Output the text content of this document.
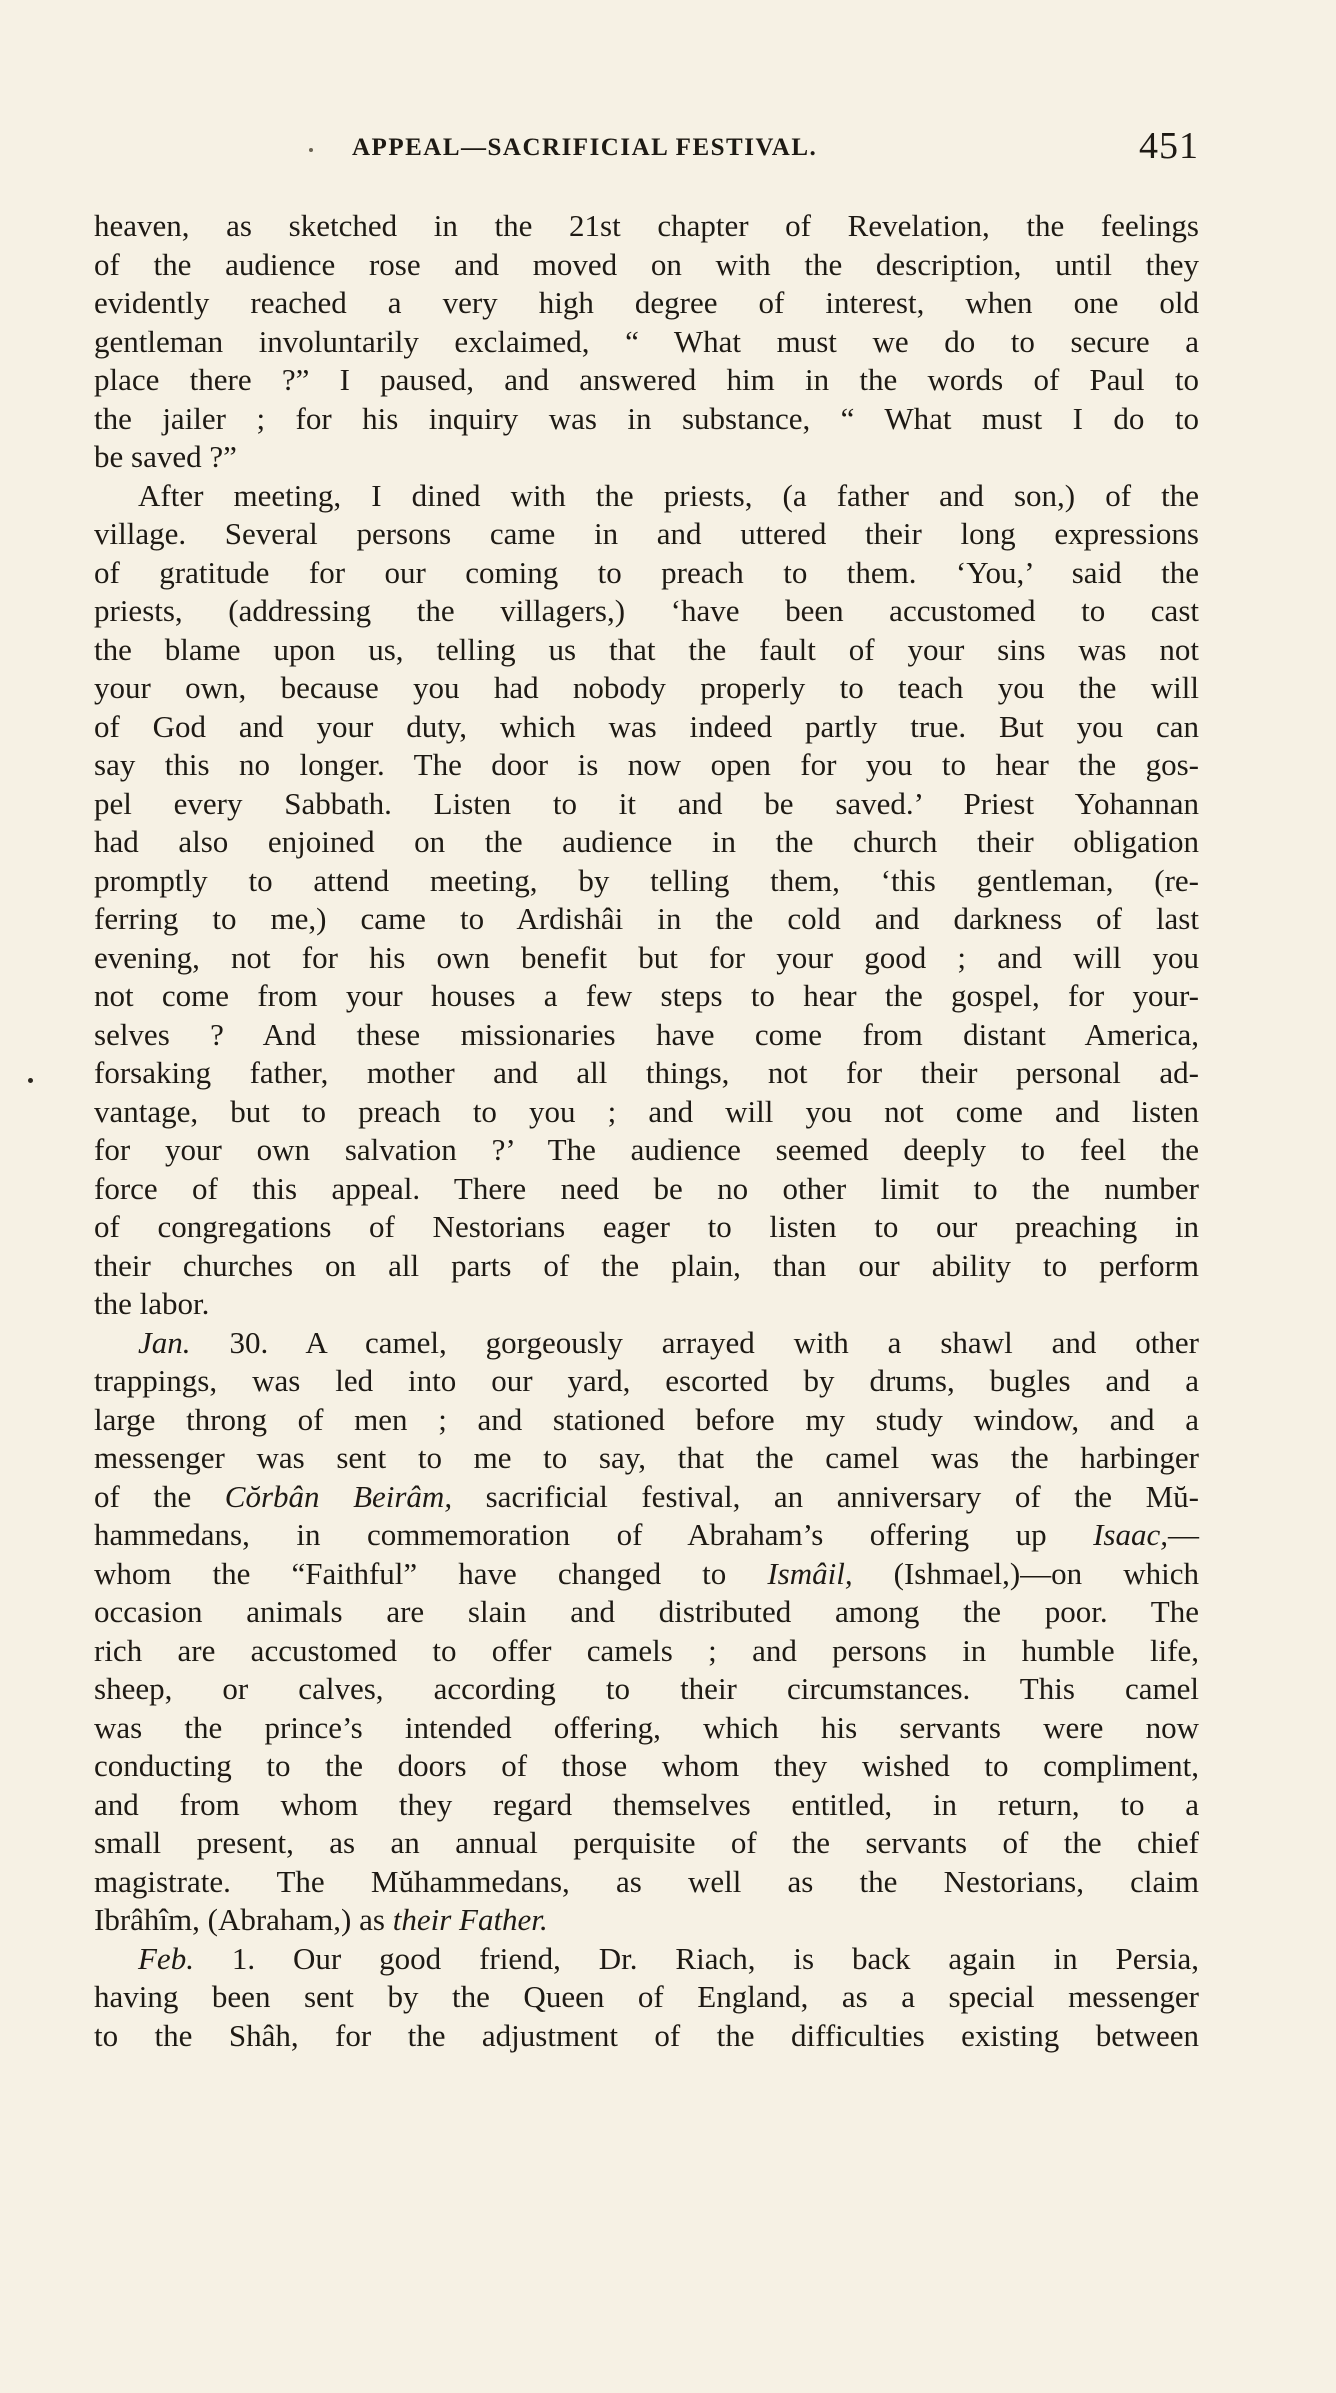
APPEAL—SACRIFICIAL FESTIVAL.	451
heaven, as sketched in the 21st chapter of Revelation, the feelings
of the audience rose and moved on with the description, until they
evidently reached a very high degree of interest, when one old
gentleman involuntarily exclaimed, “ What must we do to secure a
place there ?” I paused, and answered him in the words of Paul to
the jailer ; for his inquiry was in substance, “ What must I do to
be saved ?”
After meeting, I dined with the priests, (a father and son,) of the
village. Several persons came in and uttered their long expressions
of gratitude for our coming to preach to them. ‘You,’ said the
priests, (addressing the villagers,) ‘have been accustomed to cast
the blame upon us, telling us that the fault of your sins was not
your own, because you had nobody properly to teach you the will
of God and your duty, which was indeed partly true. But you can
say this no longer. The door is now open for you to hear the gos-
pel every Sabbath. Listen to it and be saved.’ Priest Yohannan
had also enjoined on the audience in the church their obligation
promptly to attend meeting, by telling them, ‘this gentleman, (re-
ferring to me,) came to Ardishâi in the cold and darkness of last
evening, not for his own benefit but for your good ; and will you
not come from your houses a few steps to hear the gospel, for your-
selves ? And these missionaries have come from distant America,
forsaking father, mother and all things, not for their personal ad-
vantage, but to preach to you ; and will you not come and listen
for your own salvation ?’ The audience seemed deeply to feel the
force of this appeal. There need be no other limit to the number
of congregations of Nestorians eager to listen to our preaching in
their churches on all parts of the plain, than our ability to perform
the labor.
Jan. 30. A camel, gorgeously arrayed with a shawl and other
trappings, was led into our yard, escorted by drums, bugles and a
large throng of men ; and stationed before my study window, and a
messenger was sent to me to say, that the camel was the harbinger
of the Cŏrbân Beirâm, sacrificial festival, an anniversary of the Mŭ-
hammedans, in commemoration of Abraham’s offering up Isaac,—
whom the “Faithful” have changed to Ismâil, (Ishmael,)—on which
occasion animals are slain and distributed among the poor. The
rich are accustomed to offer camels ; and persons in humble life,
sheep, or calves, according to their circumstances. This camel
was the prince’s intended offering, which his servants were now
conducting to the doors of those whom they wished to compliment,
and from whom they regard themselves entitled, in return, to a
small present, as an annual perquisite of the servants of the chief
magistrate. The Mŭhammedans, as well as the Nestorians, claim
Ibrâhîm, (Abraham,) as their Father.
Feb. 1. Our good friend, Dr. Riach, is back again in Persia,
having been sent by the Queen of England, as a special messenger
to the Shâh, for the adjustment of the difficulties existing between
